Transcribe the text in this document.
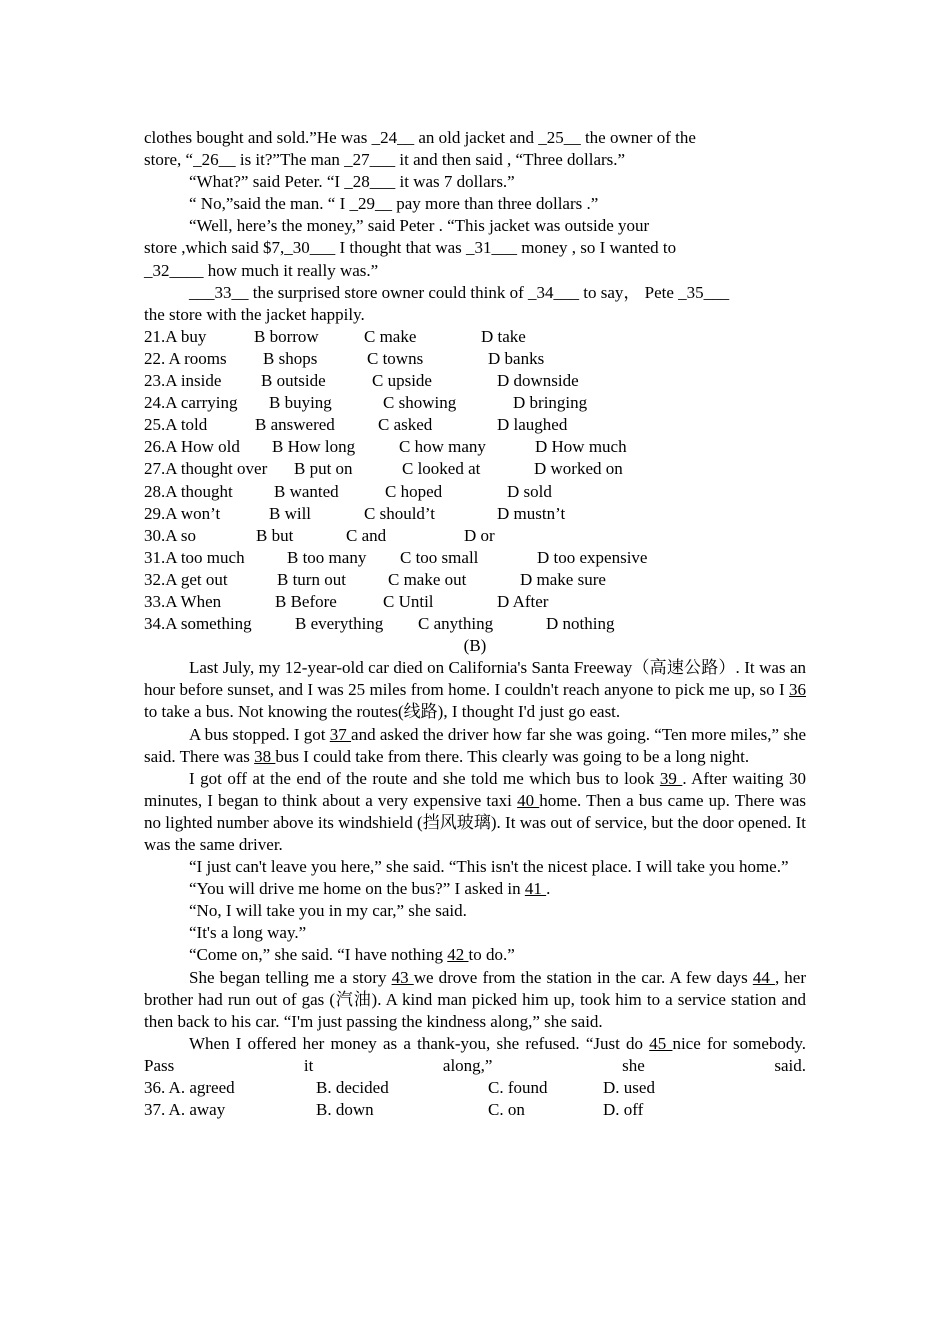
clothes bought and sold.”He was _24__ an old jacket and _25__ the owner of the

store, “_26__ is it?”The man _27___ it and then said , “Three dollars.”

“What?” said Peter. “I _28___ it was 7 dollars.”

“ No,”said the man. “ I _29__ pay more than three dollars .”

“Well, here’s the money,” said Peter . “This jacket was outside your

store ,which said $7,_30___ I thought that was _31___ money , so I wanted to

_32____ how much it really was.”

___33__ the surprised store owner could think of _34___ to say， Pete _35___

the store with the jacket happily.

21.A buy	B borrow	C make	D take
22. A rooms	B shops	C towns	D banks
23.A inside	B outside	C upside	D downside
24.A carrying	B buying	C showing	D bringing
25.A told	B answered	C asked	D laughed
26.A How old	B How long	C how many	D How much
27.A thought over	B put on	C looked at	D worked on
28.A thought	B wanted	C hoped	D sold
29.A won’t	B will	C should’t	D mustn’t
30.A so	B but	C and	D or
31.A too much	B too many	C too small	D too expensive
32.A get out	B turn out	C make out	D make sure
33.A When	B Before	C Until	D After
34.A something	B everything	C anything	D nothing

(B)

Last July, my 12-year-old car died on California's Santa Freeway（高速公路）. It was an hour before sunset, and I was 25 miles from home. I couldn't reach anyone to pick me up, so I 36 to take a bus. Not knowing the routes(线路), I thought I'd just go east.

A bus stopped. I got 37 and asked the driver how far she was going. “Ten more miles,” she said. There was 38 bus I could take from there. This clearly was going to be a long night.

I got off at the end of the route and she told me which bus to look 39 . After waiting 30 minutes, I began to think about a very expensive taxi 40 home. Then a bus came up. There was no lighted number above its windshield (挡风玻璃). It was out of service, but the door opened. It was the same driver.

“I just can't leave you here,” she said. “This isn't the nicest place. I will take you home.”

“You will drive me home on the bus?” I asked in 41 .

“No, I will take you in my car,” she said.

“It's a long way.”

“Come on,” she said. “I have nothing 42 to do.”

She began telling me a story 43 we drove from the station in the car. A few days 44 , her brother had run out of gas (汽油). A kind man picked him up, took him to a service station and then back to his car. “I'm just passing the kindness along,” she said.

When I offered her money as a thank-you, she refused. “Just do 45 nice for somebody. Pass it along,” she said.

36. A. agreed	B. decided	C. found	D. used
37. A. away	B. down	C. on	D. off
